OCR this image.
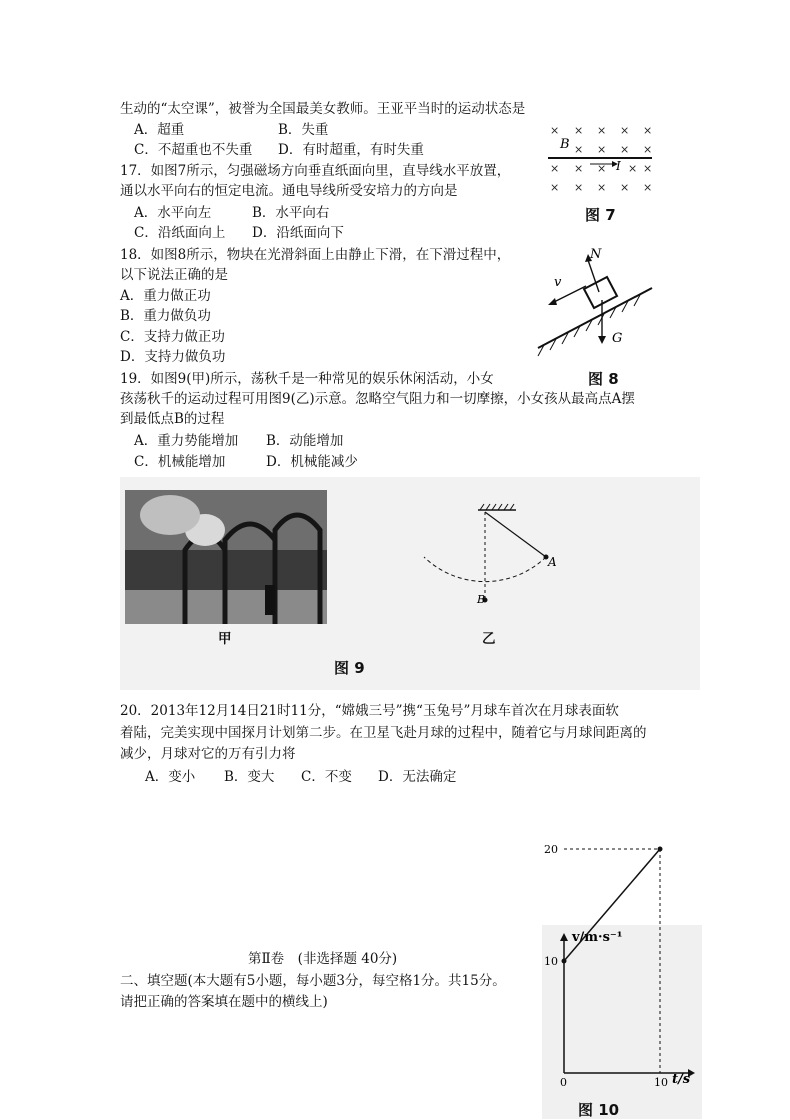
生动的“太空课”，被誉为全国最美女教师。王亚平当时的运动状态是
A．超重	B．失重
C．不超重也不失重 D．有时超重，有时失重
17．如图7所示，匀强磁场方向垂直纸面向里，直导线水平放置，
通以水平向右的恒定电流。通电导线所受安培力的方向是
A．水平向左	B．水平向右
C．沿纸面向上 D．沿纸面向下
× × × × ×
× × × ×
× × × × ×
× × × × ×
B
I
图 7
18．如图8所示，物块在光滑斜面上由静止下滑，在下滑过程中，
以下说法正确的是
A．重力做正功
B．重力做负功
C．支持力做正功
D．支持力做负功
N
v
G
图 8
19．如图9(甲)所示，荡秋千是一种常见的娱乐休闲活动，小女
孩荡秋千的运动过程可用图9(乙)示意。忽略空气阻力和一切摩擦，小女孩从最高点A摆
到最低点B的过程
A．重力势能增加 B．动能增加
C．机械能增加	D．机械能减少
甲
A
B
乙
图 9
20．2013年12月14日21时11分，“嫦娥三号”携“玉兔号”月球车首次在月球表面软
着陆，完美实现中国探月计划第二步。在卫星飞赴月球的过程中，随着它与月球间距离的
减少，月球对它的万有引力将
A．变小 B．变大 C．不变 D．无法确定
第Ⅱ卷　(非选择题 40分)
二、填空题(本大题有5小题，每小题3分，每空格1分。共15分。
请把正确的答案填在题中的横线上)
v/m·s⁻¹
t/s
0	10
10
20
图 10
